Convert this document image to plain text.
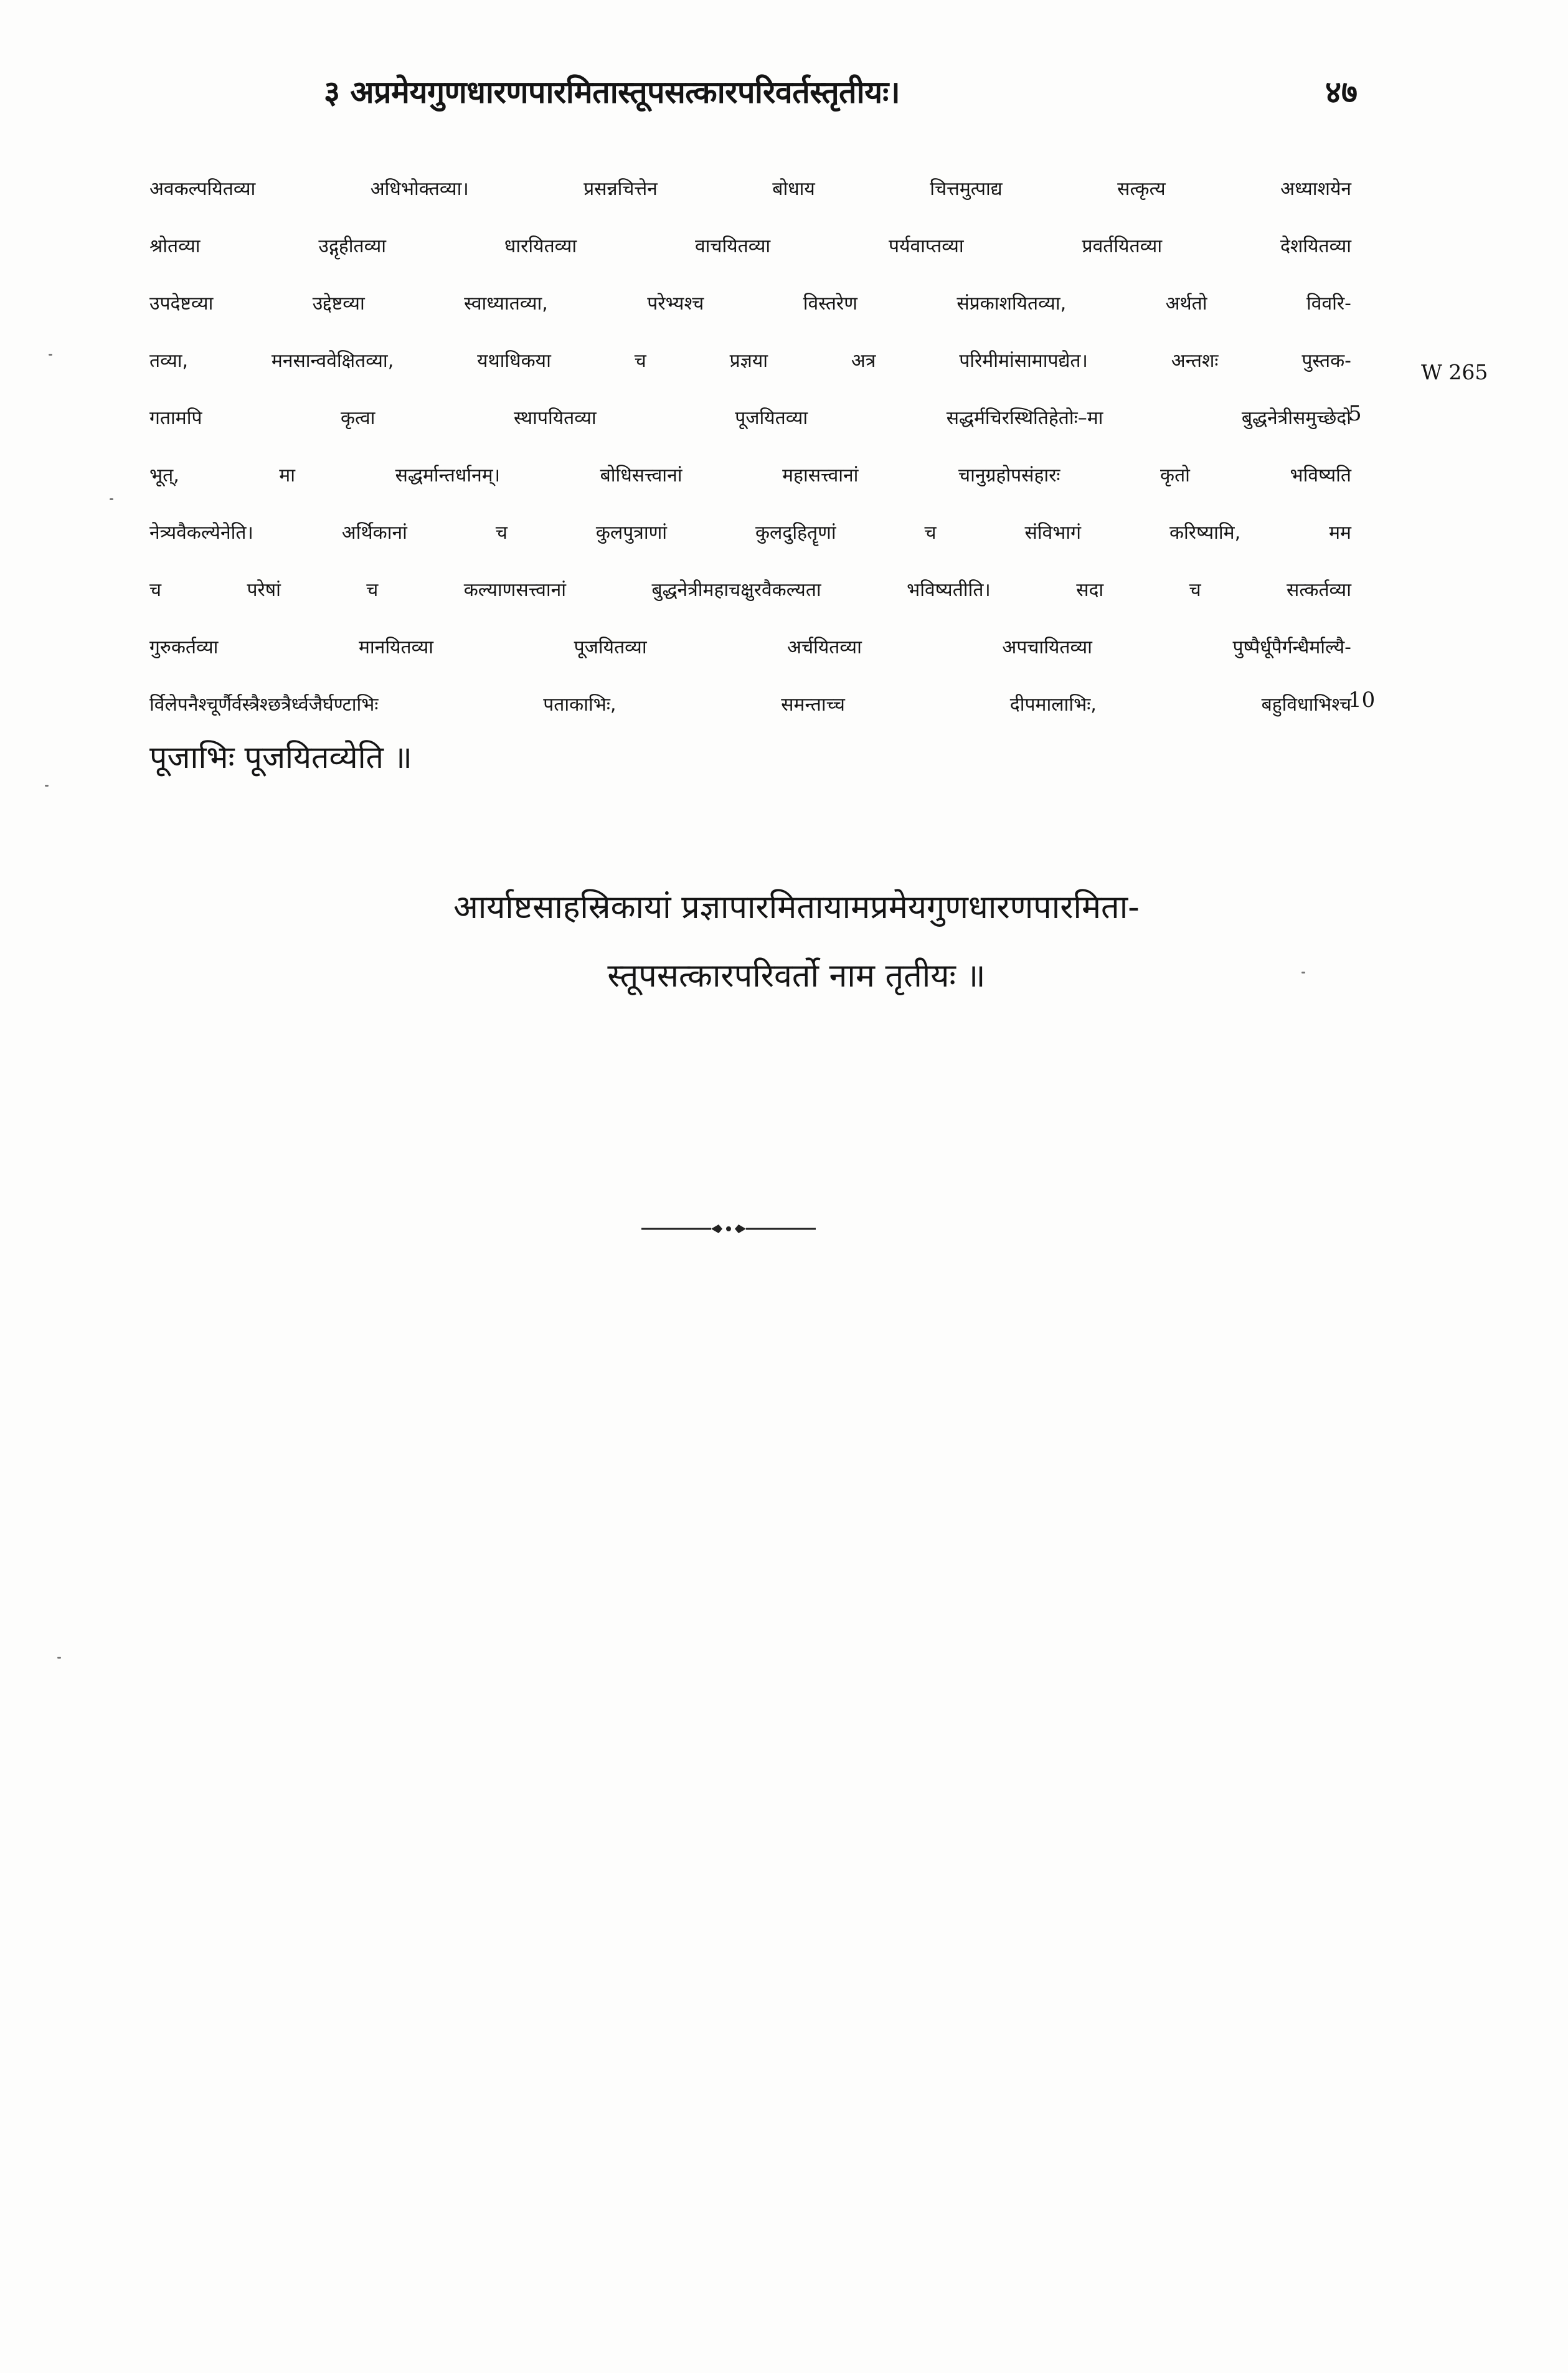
३ अप्रमेयगुणधारणपारमितास्तूपसत्कारपरिवर्तस्तृतीयः।	४७
W 265
अवकल्पयितव्या अधिभोक्तव्या। प्रसन्नचित्तेन बोधाय चित्तमुत्पाद्य सत्कृत्य अध्याशयेन
श्रोतव्या उद्गृहीतव्या धारयितव्या वाचयितव्या पर्यवाप्तव्या प्रवर्तयितव्या देशयितव्या
उपदेष्टव्या उद्देष्टव्या स्वाध्यातव्या, परेभ्यश्च विस्तरेण संप्रकाशयितव्या, अर्थतो विवरि-
तव्या, मनसान्ववेक्षितव्या, यथाधिकया च प्रज्ञया अत्र परिमीमांसामापद्येत। अन्तशः पुस्तक-
गतामपि कृत्वा स्थापयितव्या पूजयितव्या सद्धर्मचिरस्थितिहेतोः–मा बुद्धनेत्रीसमुच्छेदो
5
भूत्, मा सद्धर्मान्तर्धानम्। बोधिसत्त्वानां महासत्त्वानां चानुग्रहोपसंहारः कृतो भविष्यति
नेत्र्यवैकल्येनेति। अर्थिकानां च कुलपुत्राणां कुलदुहितॄणां च संविभागं करिष्यामि, मम
च परेषां च कल्याणसत्त्वानां बुद्धनेत्रीमहाचक्षुरवैकल्यता भविष्यतीति। सदा च सत्कर्तव्या
गुरुकर्तव्या मानयितव्या पूजयितव्या अर्चयितव्या अपचायितव्या पुष्पैर्धूपैर्गन्धैर्माल्यै-
र्विलेपनैश्चूर्णैर्वस्त्रैश्छत्रैर्ध्वजैर्घण्टाभिः पताकाभिः, समन्ताच्च दीपमालाभिः, बहुविधाभिश्च
10
पूजाभिः पूजयितव्येति ॥
आर्याष्टसाहस्रिकायां प्रज्ञापारमितायामप्रमेयगुणधारणपारमिता-
स्तूपसत्कारपरिवर्तो नाम तृतीयः ॥
